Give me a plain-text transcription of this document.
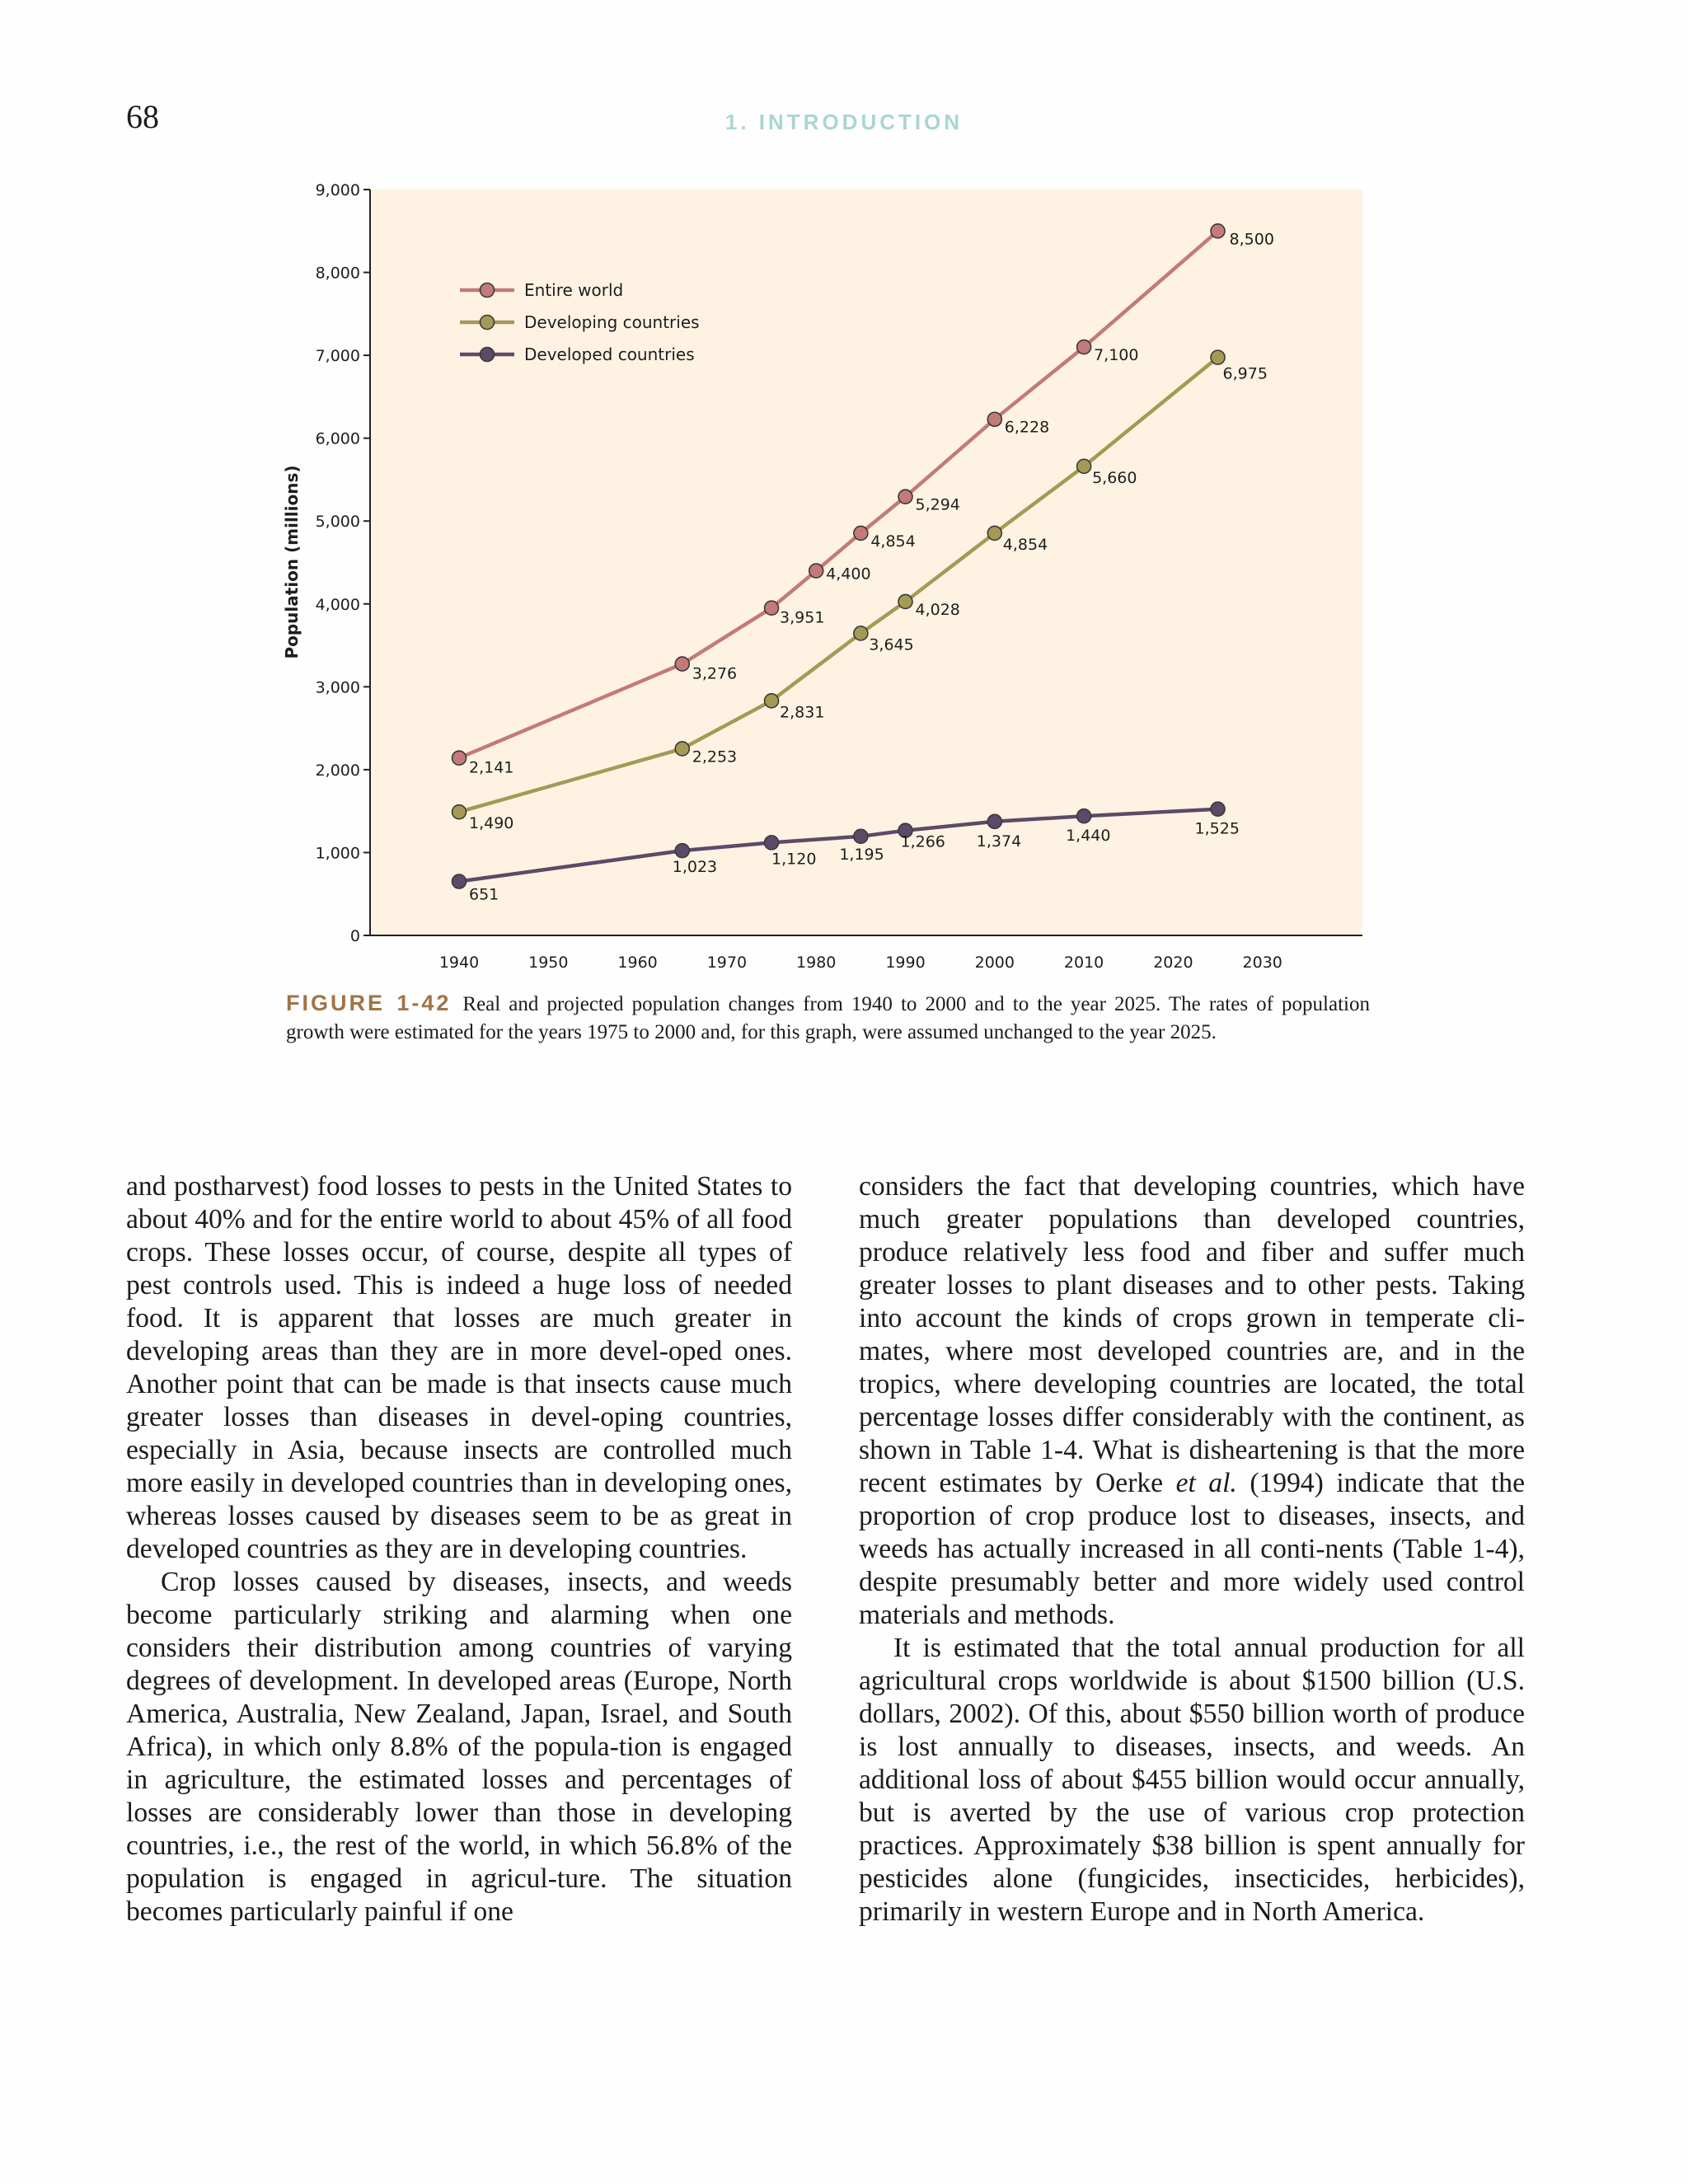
68	1. INTRODUCTION
0
1,000
2,000
3,000
4,000
5,000
6,000
7,000
8,000
9,000
1940	1950	1960	1970	1980	1990	2000	2010	2020	2030
2,141
3,276
3,951
4,400
4,854
5,294
6,228
7,100
8,500
1,490
2,253
2,831
3,645
4,028
4,854
5,660
6,975
651
1,023	1,120 1,195
1,266 1,374	1,440	1,525
Entire world
Developing countries
Developed countries
Population (millions)
FIGURE 1-42 Real and projected population changes from 1940 to 2000 and to the year 2025. The rates of population growth were estimated for the years 1975 to 2000 and, for this graph, were assumed unchanged to the year 2025.

and postharvest) food losses to pests in the United States to about 40% and for the entire world to about 45% of all food crops. These losses occur, of course, despite all types of pest controls used. This is indeed a huge loss of needed food. It is apparent that losses are much greater in developing areas than they are in more devel-oped ones. Another point that can be made is that insects cause much greater losses than diseases in devel-oping countries, especially in Asia, because insects are controlled much more easily in developed countries than in developing ones, whereas losses caused by diseases seem to be as great in developed countries as they are in developing countries.

Crop losses caused by diseases, insects, and weeds become particularly striking and alarming when one considers their distribution among countries of varying degrees of development. In developed areas (Europe, North America, Australia, New Zealand, Japan, Israel, and South Africa), in which only 8.8% of the popula-tion is engaged in agriculture, the estimated losses and percentages of losses are considerably lower than those in developing countries, i.e., the rest of the world, in which 56.8% of the population is engaged in agricul-ture. The situation becomes particularly painful if one

considers the fact that developing countries, which have much greater populations than developed countries, produce relatively less food and fiber and suffer much greater losses to plant diseases and to other pests. Taking into account the kinds of crops grown in temperate cli-mates, where most developed countries are, and in the tropics, where developing countries are located, the total percentage losses differ considerably with the continent, as shown in Table 1-4. What is disheartening is that the more recent estimates by Oerke et al. (1994) indicate that the proportion of crop produce lost to diseases, insects, and weeds has actually increased in all conti-nents (Table 1-4), despite presumably better and more widely used control materials and methods.

It is estimated that the total annual production for all agricultural crops worldwide is about $1500 billion (U.S. dollars, 2002). Of this, about $550 billion worth of produce is lost annually to diseases, insects, and weeds. An additional loss of about $455 billion would occur annually, but is averted by the use of various crop protection practices. Approximately $38 billion is spent annually for pesticides alone (fungicides, insecticides, herbicides), primarily in western Europe and in North America.
